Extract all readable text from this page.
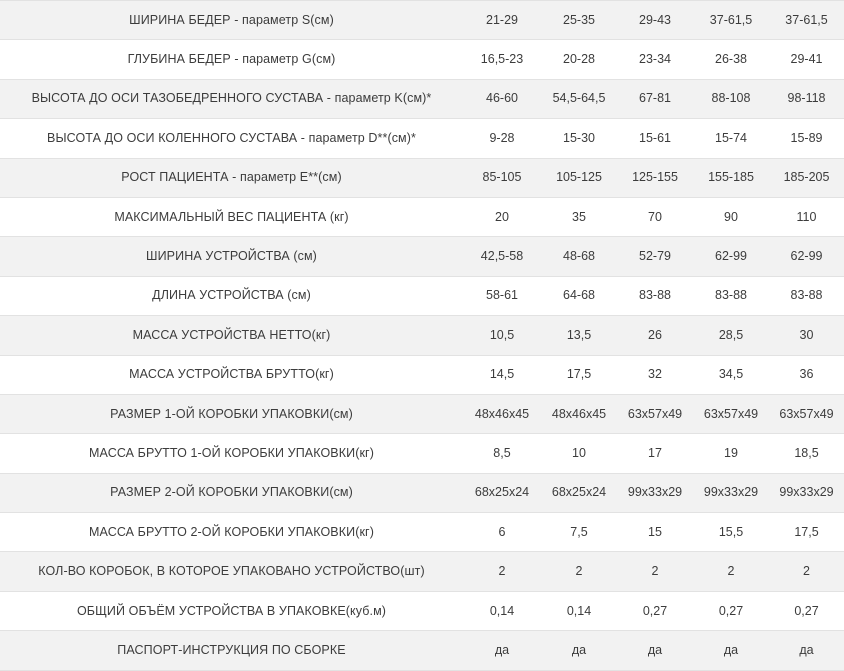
ШИРИНА БЕДЕР - параметр S(см)	21-29	25-35	29-43	37-61,5	37-61,5
ГЛУБИНА БЕДЕР - параметр G(см)	16,5-23	20-28	23-34	26-38	29-41
ВЫСОТА ДО ОСИ ТАЗОБЕДРЕННОГО СУСТАВА - параметр K(см)*	46-60	54,5-64,5	67-81	88-108	98-118
ВЫСОТА ДО ОСИ КОЛЕННОГО СУСТАВА - параметр D**(см)*	9-28	15-30	15-61	15-74	15-89
РОСТ ПАЦИЕНТА - параметр E**(см)	85-105	105-125	125-155	155-185	185-205
МАКСИМАЛЬНЫЙ ВЕС ПАЦИЕНТА (кг)	20	35	70	90	110
ШИРИНА УСТРОЙСТВА (см)	42,5-58	48-68	52-79	62-99	62-99
ДЛИНА УСТРОЙСТВА (см)	58-61	64-68	83-88	83-88	83-88
МАССА УСТРОЙСТВА НЕТТО(кг)	10,5	13,5	26	28,5	30
МАССА УСТРОЙСТВА БРУТТО(кг)	14,5	17,5	32	34,5	36
РАЗМЕР 1-ОЙ КОРОБКИ УПАКОВКИ(см)	48x46x45	48x46x45	63x57x49	63x57x49	63x57x49
МАССА БРУТТО 1-ОЙ КОРОБКИ УПАКОВКИ(кг)	8,5	10	17	19	18,5
РАЗМЕР 2-ОЙ КОРОБКИ УПАКОВКИ(см)	68x25x24	68x25x24	99x33x29	99x33x29	99x33x29
МАССА БРУТТО 2-ОЙ КОРОБКИ УПАКОВКИ(кг)	6	7,5	15	15,5	17,5
КОЛ-ВО КОРОБОК, В КОТОРОЕ УПАКОВАНО УСТРОЙСТВО(шт)	2	2	2	2	2
ОБЩИЙ ОБЪЁМ УСТРОЙСТВА В УПАКОВКЕ(куб.м)	0,14	0,14	0,27	0,27	0,27
ПАСПОРТ-ИНСТРУКЦИЯ ПО СБОРКЕ	да	да	да	да	да
